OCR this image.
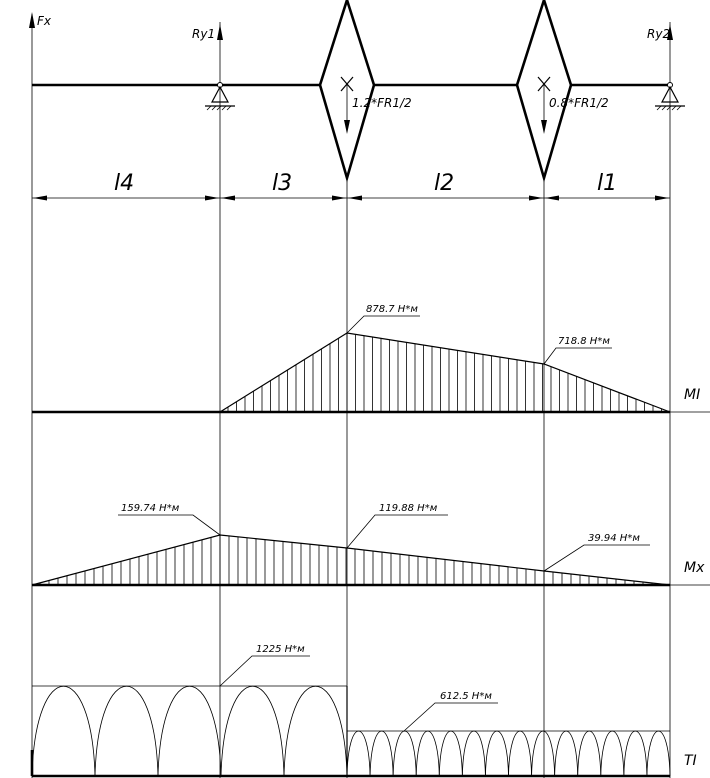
Fx
Ry1	Ry2
1.2*FR1/2	0.8*FR1/2
l4	l3	l2	l1
878.7 Н*м
718.8 Н*м
MI
159.74 Н*м	119.88 Н*м
39.94 Н*м
Mx
1225 Н*м
612.5 Н*м
TI
